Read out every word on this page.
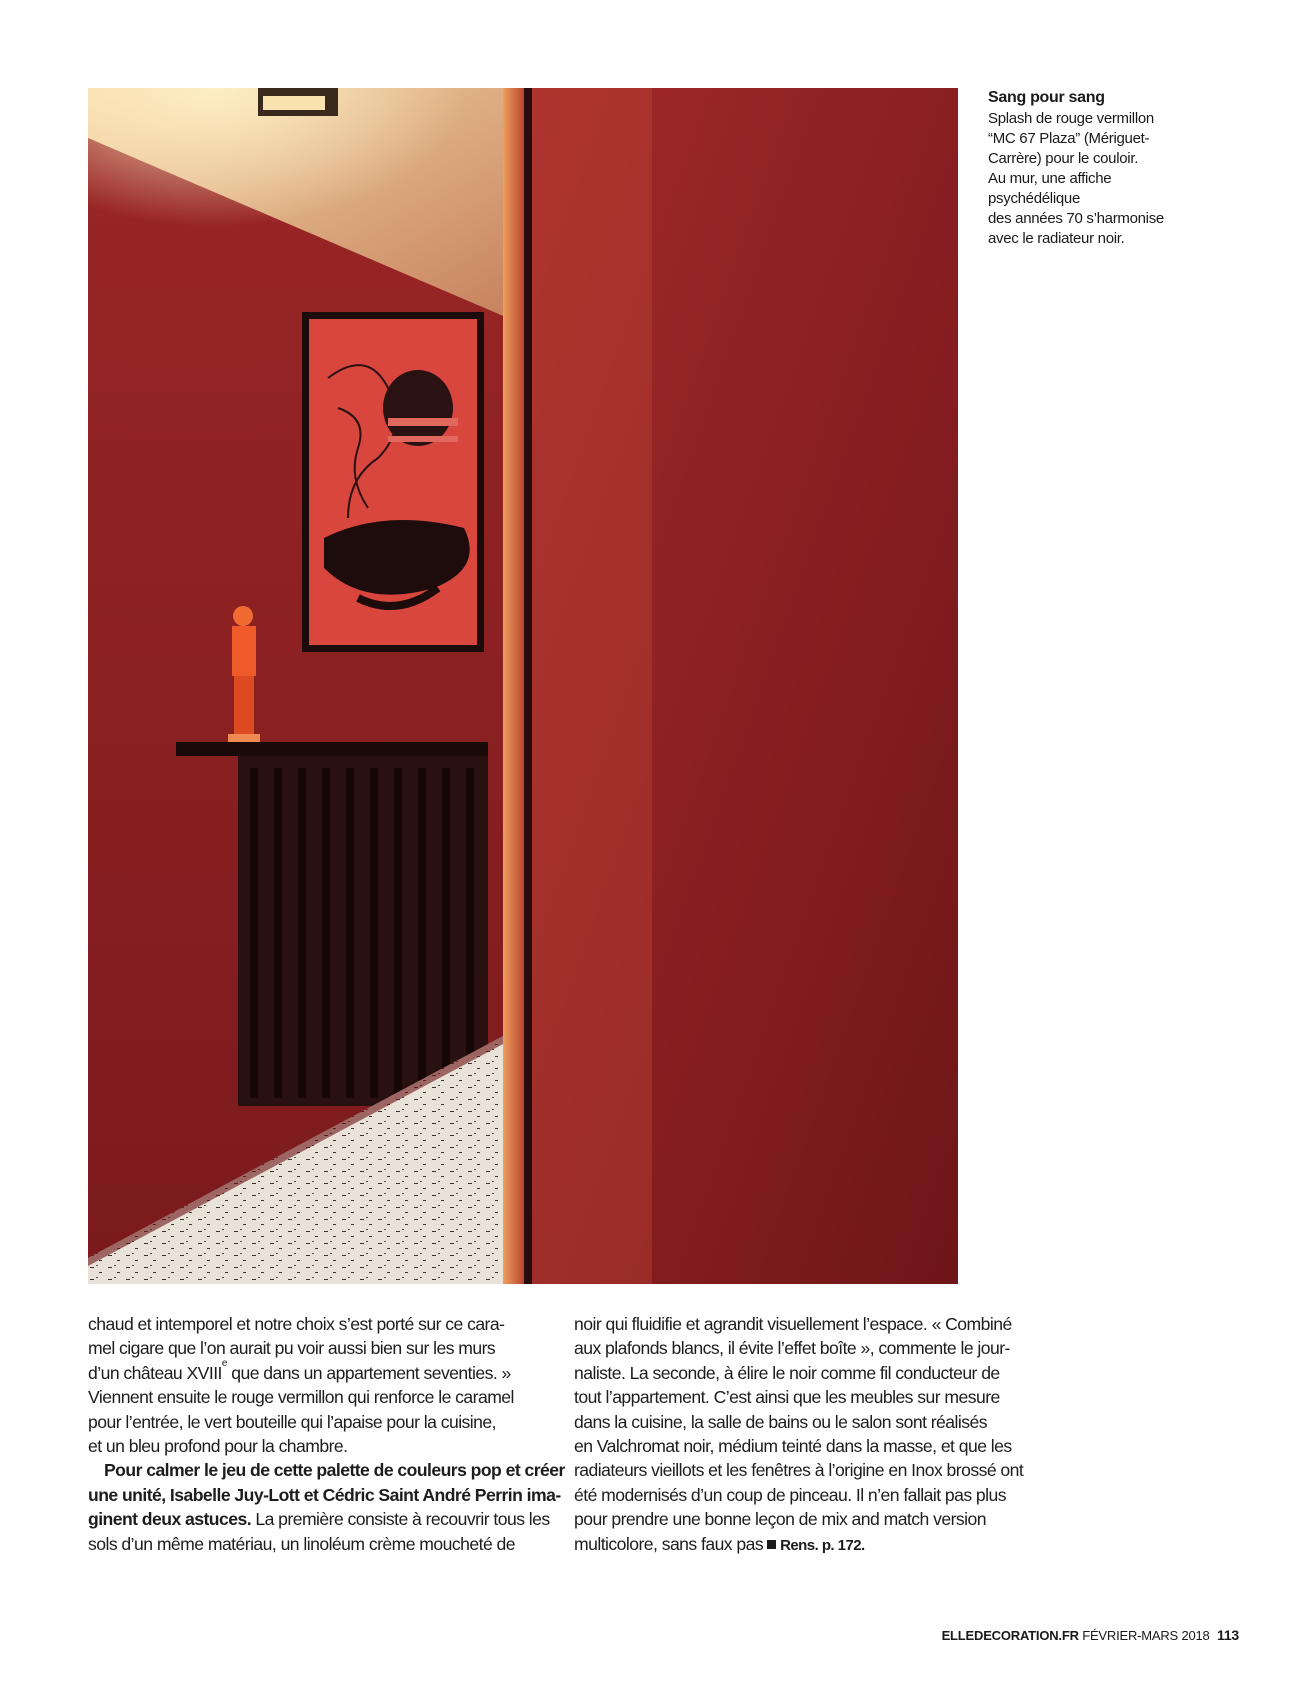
Sang pour sang
Splash de rouge vermillon
“MC 67 Plaza” (Mériguet-
Carrère) pour le couloir.
Au mur, une affiche
psychédélique
des années 70 s’harmonise
avec le radiateur noir.
chaud et intemporel et notre choix s’est porté sur ce cara-
mel cigare que l’on aurait pu voir aussi bien sur les murs
d’un château XVIIIe que dans un appartement seventies. »
Viennent ensuite le rouge vermillon qui renforce le caramel
pour l’entrée, le vert bouteille qui l’apaise pour la cuisine,
et un bleu profond pour la chambre.
Pour calmer le jeu de cette palette de couleurs pop et créer
une unité, Isabelle Juy-Lott et Cédric Saint André Perrin ima-
ginent deux astuces. La première consiste à recouvrir tous les
sols d’un même matériau, un linoléum crème moucheté de
noir qui fluidifie et agrandit visuellement l’espace. « Combiné
aux plafonds blancs, il évite l’effet boîte », commente le jour-
naliste. La seconde, à élire le noir comme fil conducteur de
tout l’appartement. C’est ainsi que les meubles sur mesure
dans la cuisine, la salle de bains ou le salon sont réalisés
en Valchromat noir, médium teinté dans la masse, et que les
radiateurs vieillots et les fenêtres à l’origine en Inox brossé ont
été modernisés d’un coup de pinceau. Il n’en fallait pas plus
pour prendre une bonne leçon de mix and match version
multicolore, sans faux pas Rens. p. 172.
ELLEDECORATION.FR FÉVRIER-MARS 2018 113
